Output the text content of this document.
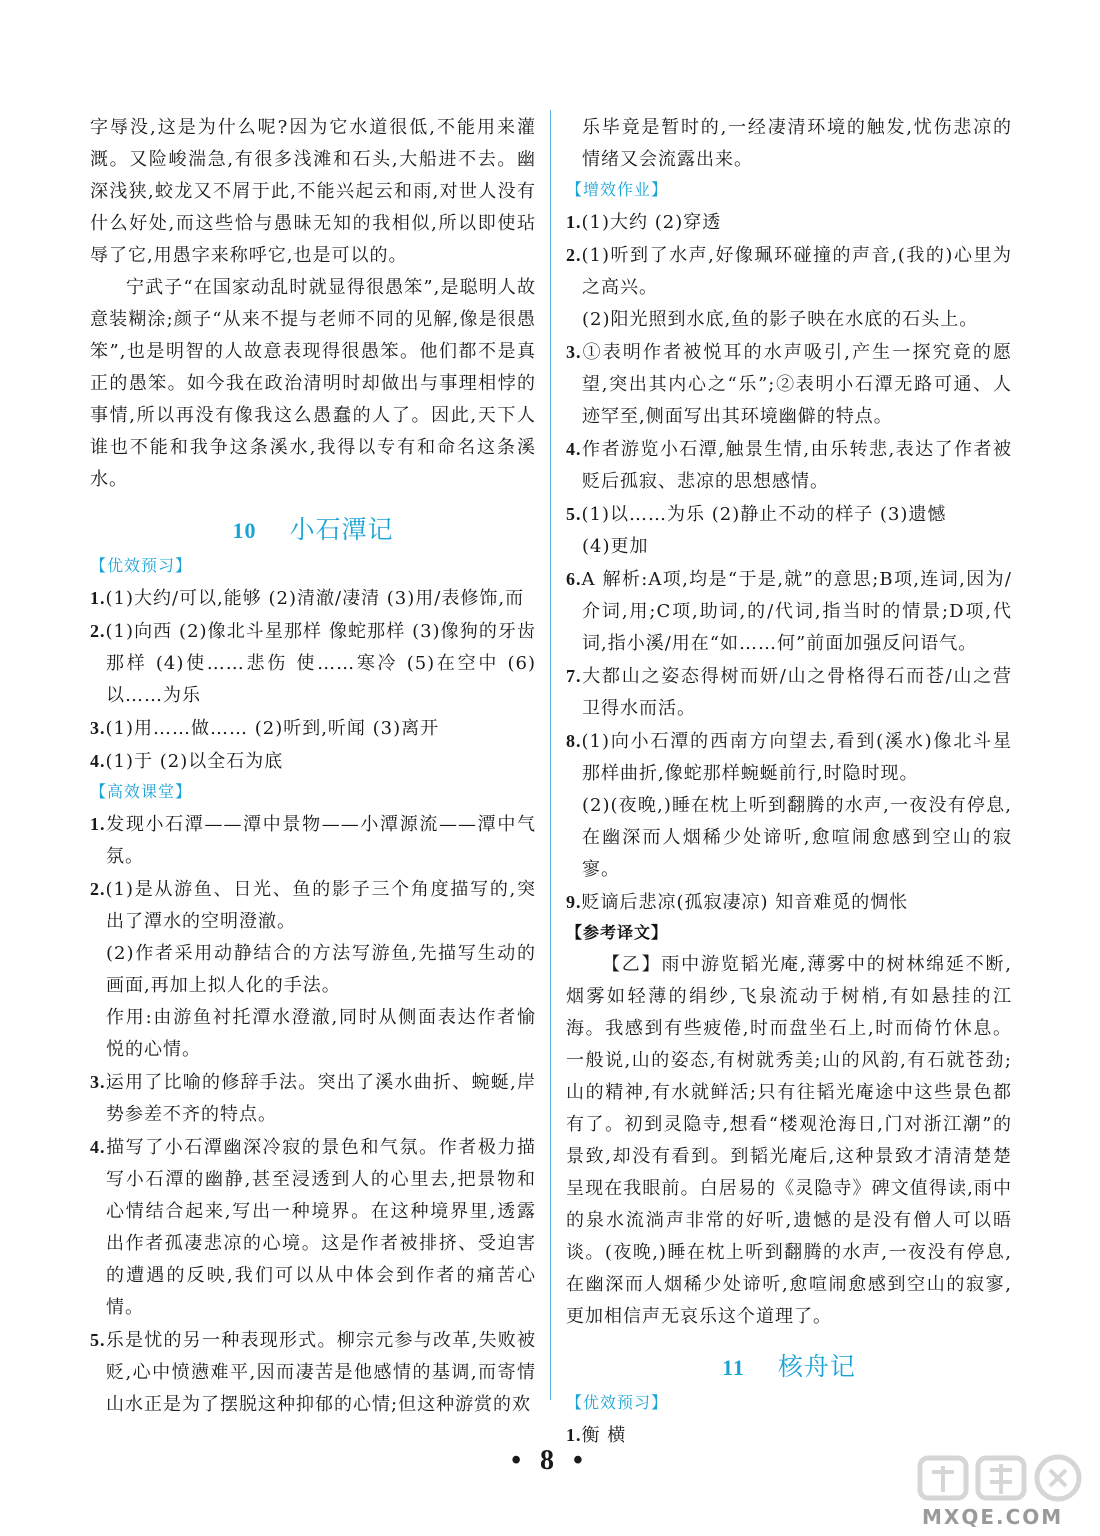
字辱没,这是为什么呢?因为它水道很低,不能用来灌溉。又险峻湍急,有很多浅滩和石头,大船进不去。幽深浅狭,蛟龙又不屑于此,不能兴起云和雨,对世人没有什么好处,而这些恰与愚昧无知的我相似,所以即使玷辱了它,用愚字来称呼它,也是可以的。

宁武子“在国家动乱时就显得很愚笨”,是聪明人故意装糊涂;颜子“从来不提与老师不同的见解,像是很愚笨”,也是明智的人故意表现得很愚笨。他们都不是真正的愚笨。如今我在政治清明时却做出与事理相悖的事情,所以再没有像我这么愚蠢的人了。因此,天下人谁也不能和我争这条溪水,我得以专有和命名这条溪水。

10 小石潭记
【优效预习】

1.(1)大约/可以,能够 (2)清澈/凄清 (3)用/表修饰,而

2.(1)向西 (2)像北斗星那样 像蛇那样 (3)像狗的牙齿那样 (4)使……悲伤 使……寒冷 (5)在空中 (6)以……为乐

3.(1)用……做…… (2)听到,听闻 (3)离开

4.(1)于 (2)以全石为底

【高效课堂】

1.发现小石潭——潭中景物——小潭源流——潭中气氛。

2.(1)是从游鱼、日光、鱼的影子三个角度描写的,突出了潭水的空明澄澈。

(2)作者采用动静结合的方法写游鱼,先描写生动的画面,再加上拟人化的手法。

作用:由游鱼衬托潭水澄澈,同时从侧面表达作者愉悦的心情。

3.运用了比喻的修辞手法。突出了溪水曲折、蜿蜒,岸势参差不齐的特点。

4.描写了小石潭幽深冷寂的景色和气氛。作者极力描写小石潭的幽静,甚至浸透到人的心里去,把景物和心情结合起来,写出一种境界。在这种境界里,透露出作者孤凄悲凉的心境。这是作者被排挤、受迫害的遭遇的反映,我们可以从中体会到作者的痛苦心情。

5.乐是忧的另一种表现形式。柳宗元参与改革,失败被贬,心中愤懑难平,因而凄苦是他感情的基调,而寄情山水正是为了摆脱这种抑郁的心情;但这种游赏的欢

乐毕竟是暂时的,一经凄清环境的触发,忧伤悲凉的情绪又会流露出来。

【增效作业】

1.(1)大约 (2)穿透

2.(1)听到了水声,好像珮环碰撞的声音,(我的)心里为之高兴。

(2)阳光照到水底,鱼的影子映在水底的石头上。

3.①表明作者被悦耳的水声吸引,产生一探究竟的愿望,突出其内心之“乐”;②表明小石潭无路可通、人迹罕至,侧面写出其环境幽僻的特点。

4.作者游览小石潭,触景生情,由乐转悲,表达了作者被贬后孤寂、悲凉的思想感情。

5.(1)以……为乐 (2)静止不动的样子 (3)遗憾

(4)更加

6.A 解析:A项,均是“于是,就”的意思;B项,连词,因为/介词,用;C项,助词,的/代词,指当时的情景;D项,代词,指小溪/用在“如……何”前面加强反问语气。

7.大都山之姿态得树而妍/山之骨格得石而苍/山之营卫得水而活。

8.(1)向小石潭的西南方向望去,看到(溪水)像北斗星那样曲折,像蛇那样蜿蜒前行,时隐时现。

(2)(夜晚,)睡在枕上听到翻腾的水声,一夜没有停息,在幽深而人烟稀少处谛听,愈喧闹愈感到空山的寂寥。

9.贬谪后悲凉(孤寂凄凉) 知音难觅的惆怅

【参考译文】

【乙】雨中游览韬光庵,薄雾中的树林绵延不断,烟雾如轻薄的绢纱,飞泉流动于树梢,有如悬挂的江海。我感到有些疲倦,时而盘坐石上,时而倚竹休息。一般说,山的姿态,有树就秀美;山的风韵,有石就苍劲;山的精神,有水就鲜活;只有往韬光庵途中这些景色都有了。初到灵隐寺,想看“楼观沧海日,门对浙江潮”的景致,却没有看到。到韬光庵后,这种景致才清清楚楚呈现在我眼前。白居易的《灵隐寺》碑文值得读,雨中的泉水流淌声非常的好听,遗憾的是没有僧人可以晤谈。(夜晚,)睡在枕上听到翻腾的水声,一夜没有停息,在幽深而人烟稀少处谛听,愈喧闹愈感到空山的寂寥,更加相信声无哀乐这个道理了。

11 核舟记
【优效预习】

1.衡 横

• 8 •
MXQE.COM
